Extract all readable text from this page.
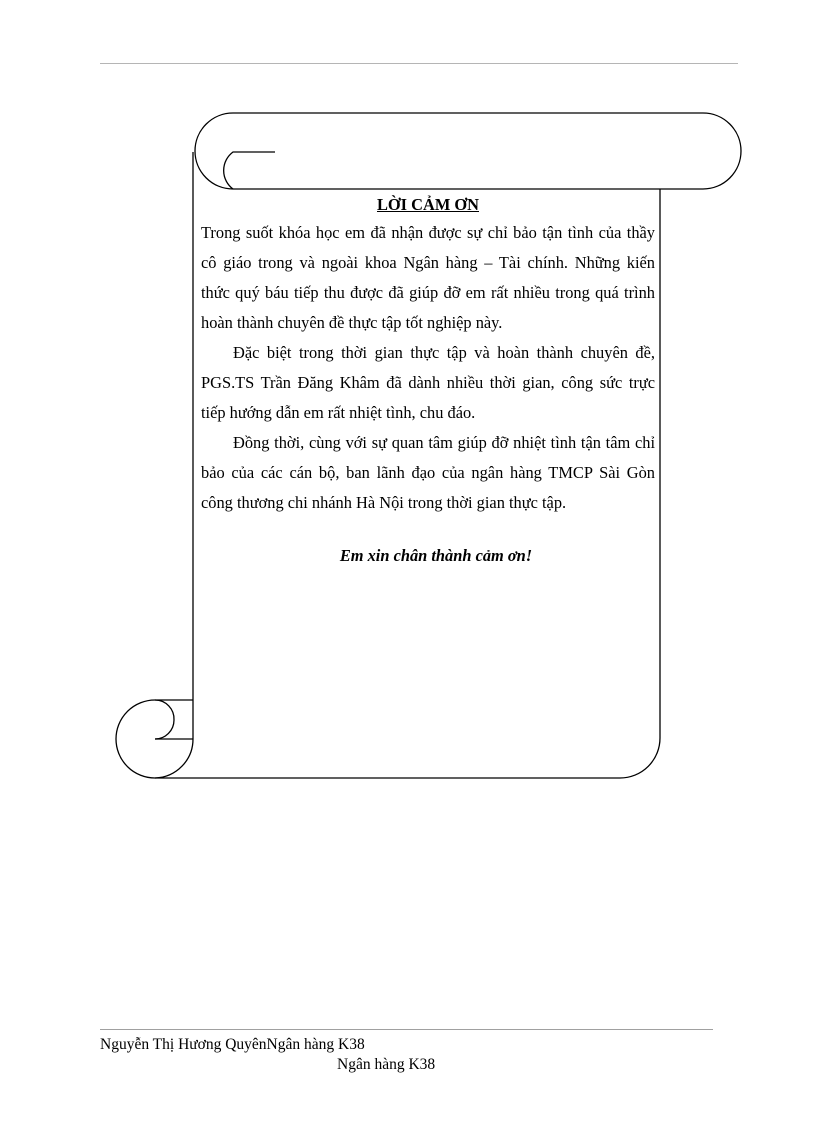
LỜI CẢM ƠN

Trong suốt khóa học em đã nhận được sự chỉ bảo tận tình của thầy cô giáo trong và ngoài khoa Ngân hàng – Tài chính. Những kiến thức quý báu tiếp thu được đã giúp đỡ em rất nhiều trong quá trình hoàn thành chuyên đề thực tập tốt nghiệp này.

Đặc biệt trong thời gian thực tập và hoàn thành chuyên đề, PGS.TS Trần Đăng Khâm đã dành nhiều thời gian, công sức trực tiếp hướng dẫn em rất nhiệt tình, chu đáo.

Đồng thời, cùng với sự quan tâm giúp đỡ nhiệt tình tận tâm chỉ bảo của các cán bộ, ban lãnh đạo của ngân hàng TMCP Sài Gòn công thương chi nhánh Hà Nội trong thời gian thực tập.

Em xin chân thành cảm ơn!
Nguyễn Thị Hương QuyênNgân hàng K38
Ngân hàng K38
